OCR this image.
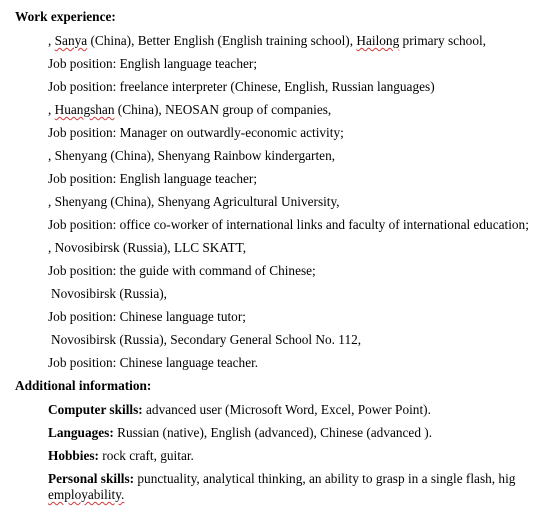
Work experience:
, Sanya (China), Better English (English training school), Hailong primary school,
Job position: English language teacher;
Job position: freelance interpreter (Chinese, English, Russian languages)
, Huangshan (China), NEOSAN group of companies,
Job position: Manager on outwardly-economic activity;
, Shenyang (China), Shenyang Rainbow kindergarten,
Job position: English language teacher;
, Shenyang (China), Shenyang Agricultural University,
Job position: office co-worker of international links and faculty of international education;
, Novosibirsk (Russia), LLC SKATT,
Job position: the guide with command of Chinese;
Novosibirsk (Russia),
Job position: Chinese language tutor;
Novosibirsk (Russia), Secondary General School No. 112,
Job position: Chinese language teacher.
Additional information:
Computer skills: advanced user (Microsoft Word, Excel, Power Point).
Languages: Russian (native), English (advanced), Chinese (advanced ).
Hobbies: rock craft, guitar.
Personal skills: punctuality, analytical thinking, an ability to grasp in a single flash, hig
employability.
